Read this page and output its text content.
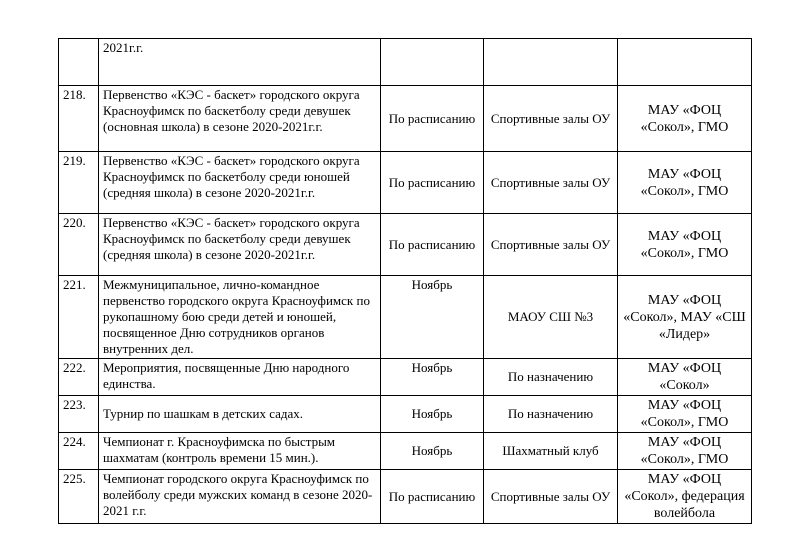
	2021г.г.			
218.	Первенство «КЭС - баскет» городского округа Красноуфимск по баскетболу среди девушек (основная школа) в сезоне 2020-2021г.г.	По расписанию	Спортивные залы ОУ	МАУ «ФОЦ «Сокол», ГМО
219.	Первенство «КЭС - баскет» городского округа Красноуфимск по баскетболу среди юношей (средняя школа) в сезоне 2020-2021г.г.	По расписанию	Спортивные залы ОУ	МАУ «ФОЦ «Сокол», ГМО
220.	Первенство «КЭС - баскет» городского округа Красноуфимск по баскетболу среди девушек (средняя школа) в сезоне 2020-2021г.г.	По расписанию	Спортивные залы ОУ	МАУ «ФОЦ «Сокол», ГМО
221.	Межмуниципальное, лично-командное первенство городского округа Красноуфимск по рукопашному бою среди детей и юношей, посвященное Дню сотрудников органов внутренних дел.	Ноябрь	МАОУ СШ №3	МАУ «ФОЦ «Сокол», МАУ «СШ «Лидер»
222.	Мероприятия, посвященные Дню народного единства.	Ноябрь	По назначению	МАУ «ФОЦ «Сокол»
223.	Турнир по шашкам в детских садах.	Ноябрь	По назначению	МАУ «ФОЦ «Сокол», ГМО
224.	Чемпионат г. Красноуфимска по быстрым шахматам (контроль времени 15 мин.).	Ноябрь	Шахматный клуб	МАУ «ФОЦ «Сокол», ГМО
225.	Чемпионат городского округа Красноуфимск по волейболу среди мужских команд в сезоне 2020-2021 г.г.	По расписанию	Спортивные залы ОУ	МАУ «ФОЦ «Сокол», федерация волейбола
